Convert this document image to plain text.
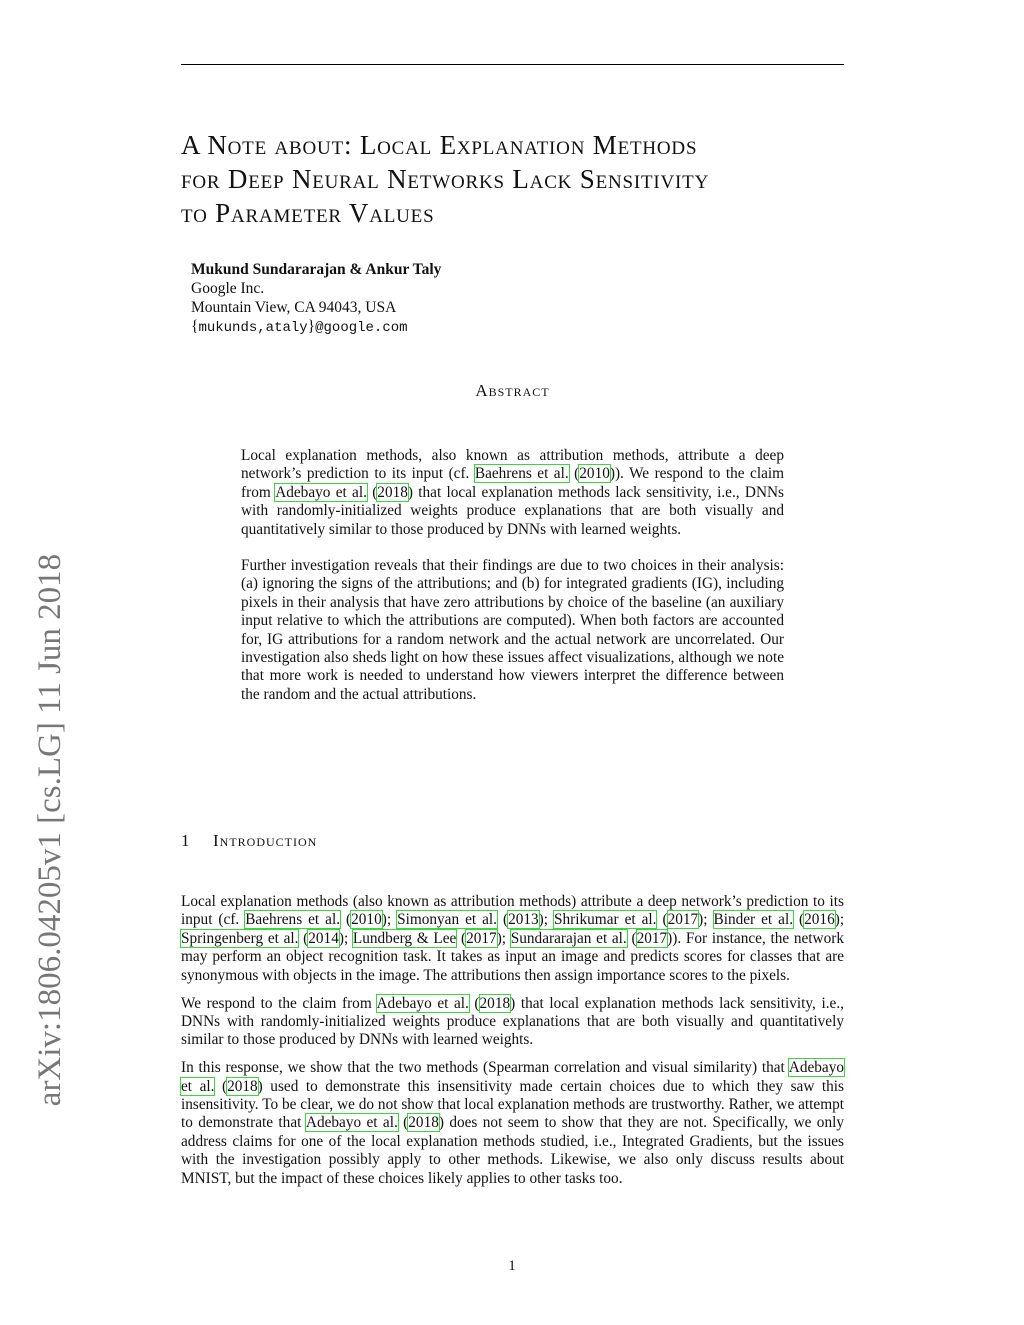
arXiv:1806.04205v1 [cs.LG] 11 Jun 2018
A Note about: Local Explanation Methods
for Deep Neural Networks Lack Sensitivity
to Parameter Values
Mukund Sundararajan & Ankur Taly
Google Inc.
Mountain View, CA 94043, USA
{mukunds,ataly}@google.com
Abstract

Local explanation methods, also known as attribution methods, attribute a deep network’s prediction to its input (cf. Baehrens et al. (2010)). We respond to the claim from Adebayo et al. (2018) that local explanation methods lack sensitivity, i.e., DNNs with randomly-initialized weights produce explanations that are both visually and quantitatively similar to those produced by DNNs with learned weights.

Further investigation reveals that their findings are due to two choices in their analysis: (a) ignoring the signs of the attributions; and (b) for integrated gradients (IG), including pixels in their analysis that have zero attributions by choice of the baseline (an auxiliary input relative to which the attributions are computed). When both factors are accounted for, IG attributions for a random network and the actual network are uncorrelated. Our investigation also sheds light on how these issues affect visualizations, although we note that more work is needed to understand how viewers interpret the difference between the random and the actual attributions.

1 Introduction

Local explanation methods (also known as attribution methods) attribute a deep network’s prediction to its input (cf. Baehrens et al. (2010); Simonyan et al. (2013); Shrikumar et al. (2017); Binder et al. (2016); Springenberg et al. (2014); Lundberg & Lee (2017); Sundararajan et al. (2017)). For instance, the network may perform an object recognition task. It takes as input an image and predicts scores for classes that are synonymous with objects in the image. The attributions then assign importance scores to the pixels.

We respond to the claim from Adebayo et al. (2018) that local explanation methods lack sensitivity, i.e., DNNs with randomly-initialized weights produce explanations that are both visually and quantitatively similar to those produced by DNNs with learned weights.

In this response, we show that the two methods (Spearman correlation and visual similarity) that Adebayo et al. (2018) used to demonstrate this insensitivity made certain choices due to which they saw this insensitivity. To be clear, we do not show that local explanation methods are trustworthy. Rather, we attempt to demonstrate that Adebayo et al. (2018) does not seem to show that they are not. Specifically, we only address claims for one of the local explanation methods studied, i.e., Integrated Gradients, but the issues with the investigation possibly apply to other methods. Likewise, we also only discuss results about MNIST, but the impact of these choices likely applies to other tasks too.

1
